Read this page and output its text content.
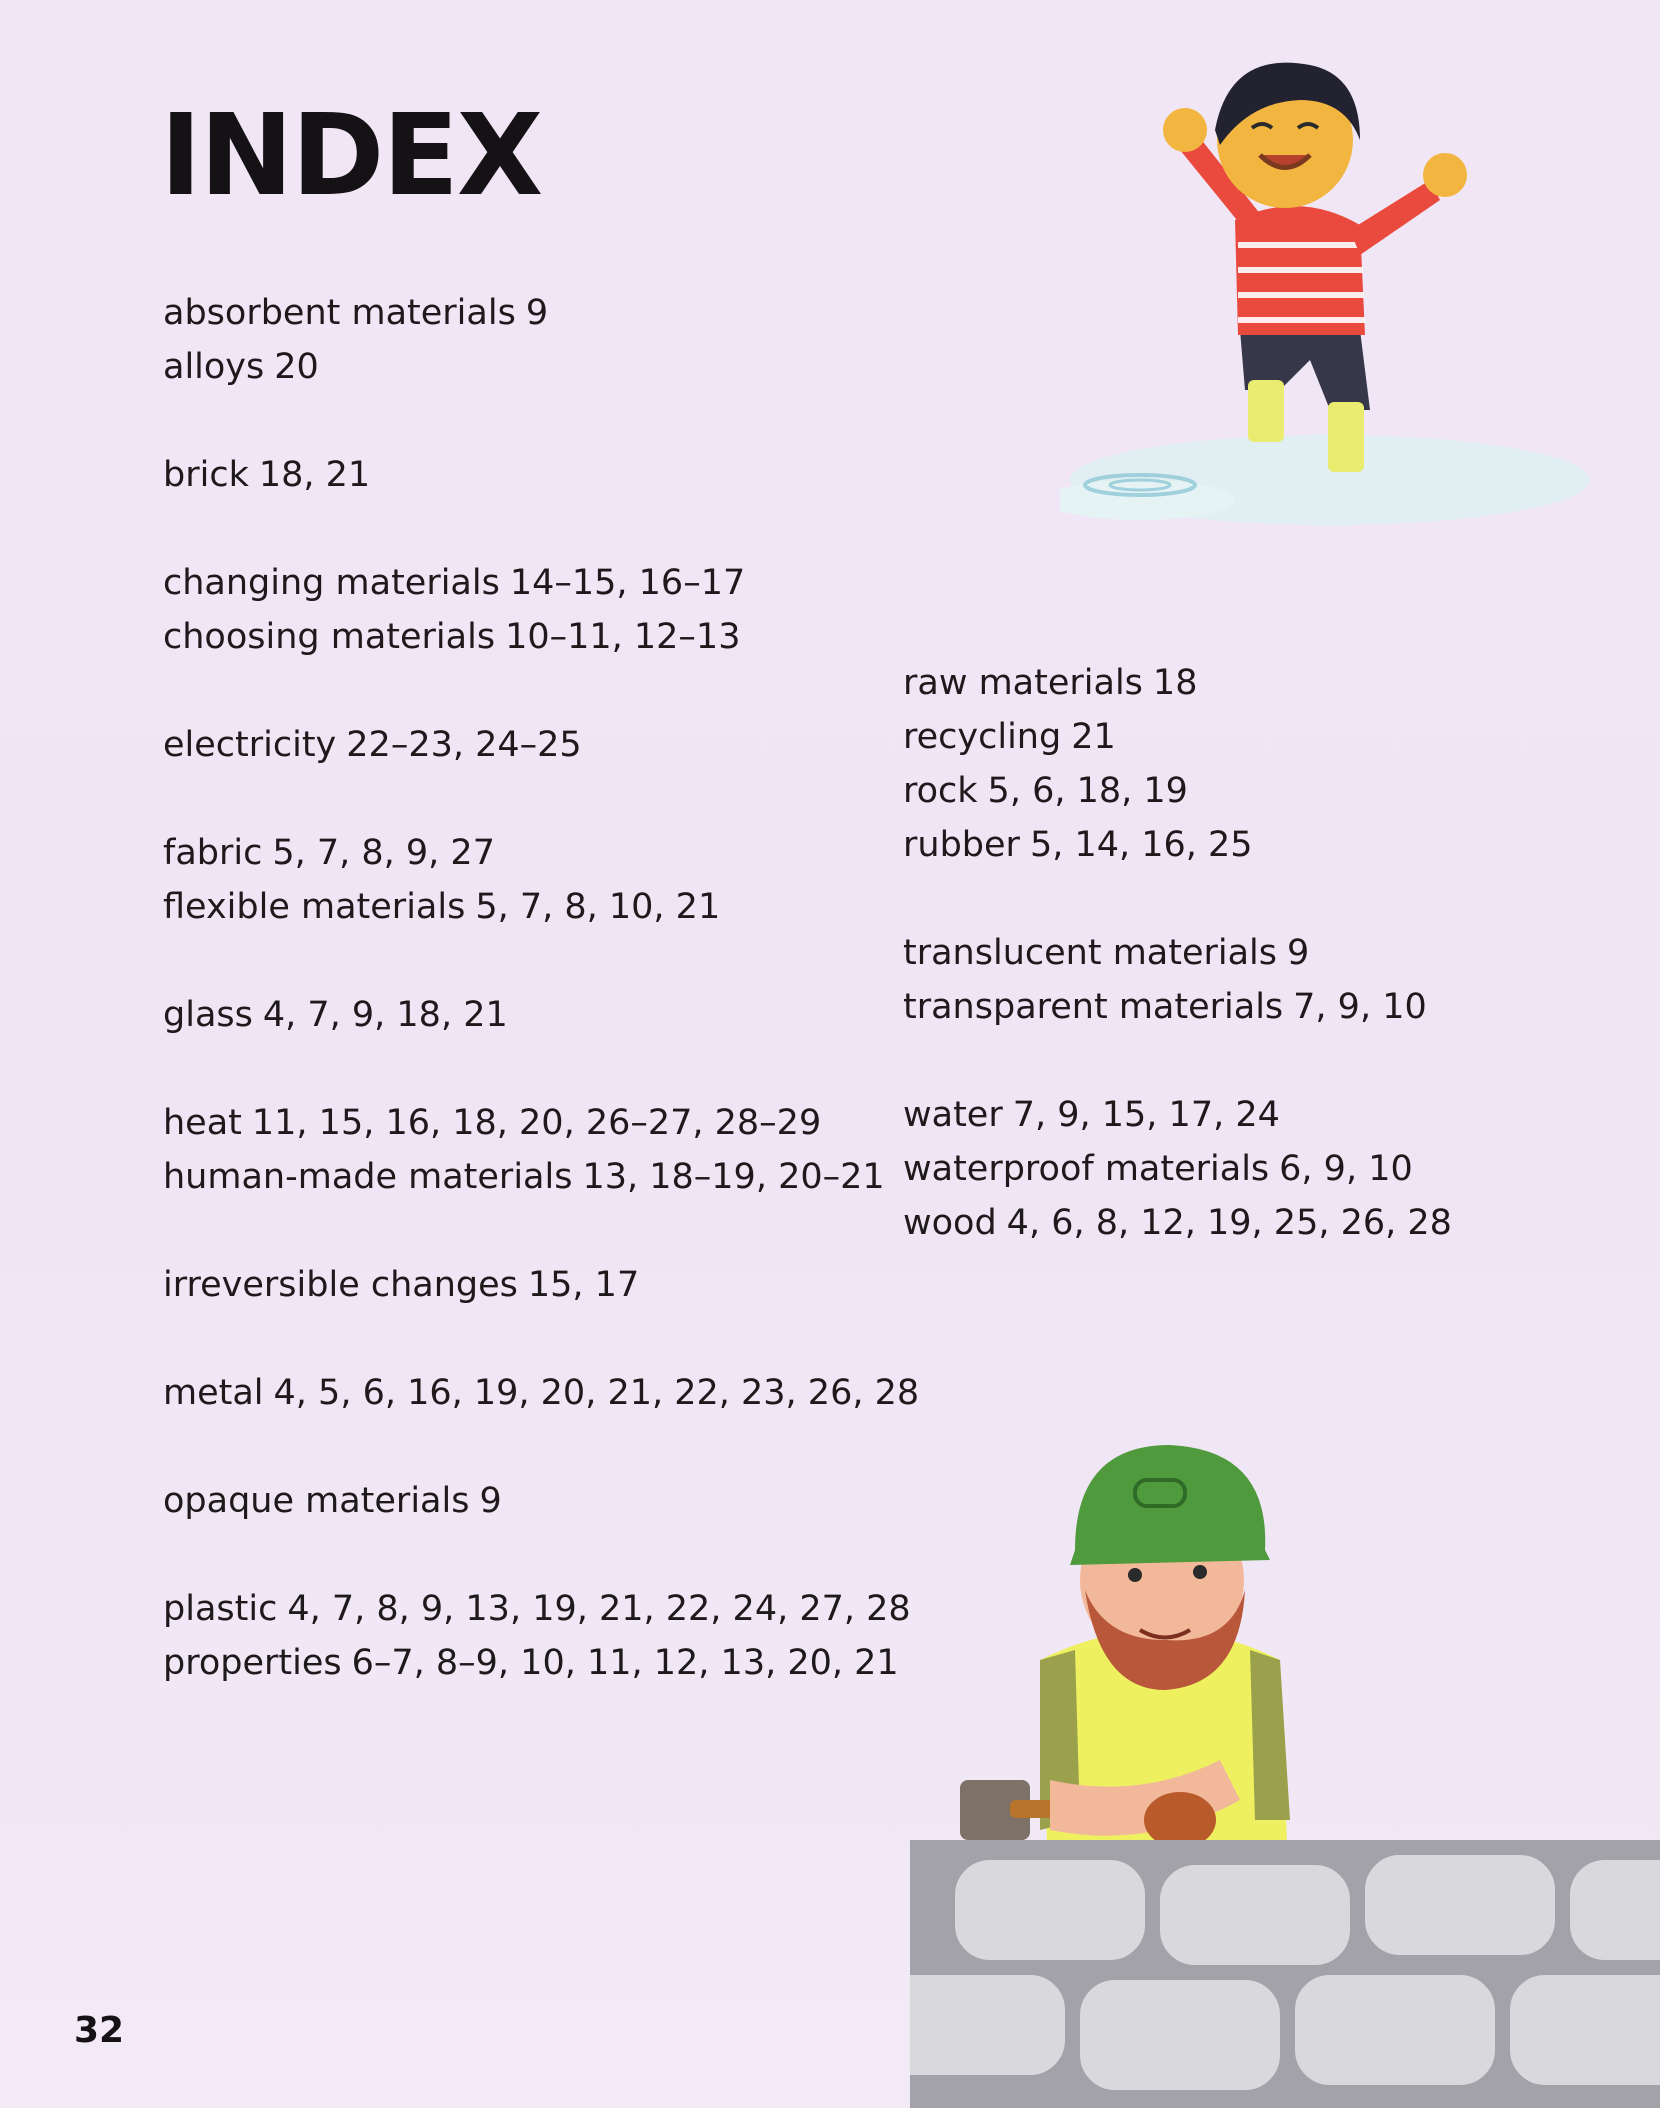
INDEX
absorbent materials 9
alloys 20
brick 18, 21
changing materials 14–15, 16–17
choosing materials 10–11, 12–13
electricity 22–23, 24–25
fabric 5, 7, 8, 9, 27
flexible materials 5, 7, 8, 10, 21
glass 4, 7, 9, 18, 21
heat 11, 15, 16, 18, 20, 26–27, 28–29
human-made materials 13, 18–19, 20–21
irreversible changes 15, 17
metal 4, 5, 6, 16, 19, 20, 21, 22, 23, 26, 28
opaque materials 9
plastic 4, 7, 8, 9, 13, 19, 21, 22, 24, 27, 28
properties 6–7, 8–9, 10, 11, 12, 13, 20, 21
raw materials 18
recycling 21
rock 5, 6, 18, 19
rubber 5, 14, 16, 25
translucent materials 9
transparent materials 7, 9, 10
water 7, 9, 15, 17, 24
waterproof materials 6, 9, 10
wood 4, 6, 8, 12, 19, 25, 26, 28
32
